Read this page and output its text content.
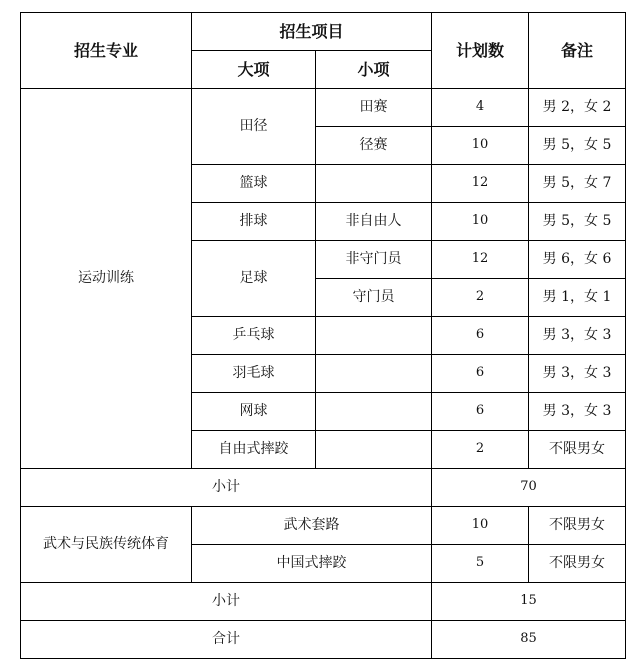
招生专业	招生项目		计划数	备注
	大项	小项		
运动训练	田径	田赛	4	男 2，女 2
		径赛	10	男 5，女 5
	篮球		12	男 5，女 7
	排球	非自由人	10	男 5，女 5
	足球	非守门员	12	男 6，女 6
		守门员	2	男 1，女 1
	乒乓球		6	男 3，女 3
	羽毛球		6	男 3，女 3
	网球		6	男 3，女 3
	自由式摔跤		2	不限男女
小计			70	
武术与民族传统体育	武术套路		10	不限男女
	中国式摔跤		5	不限男女
小计			15	
合计			85	
